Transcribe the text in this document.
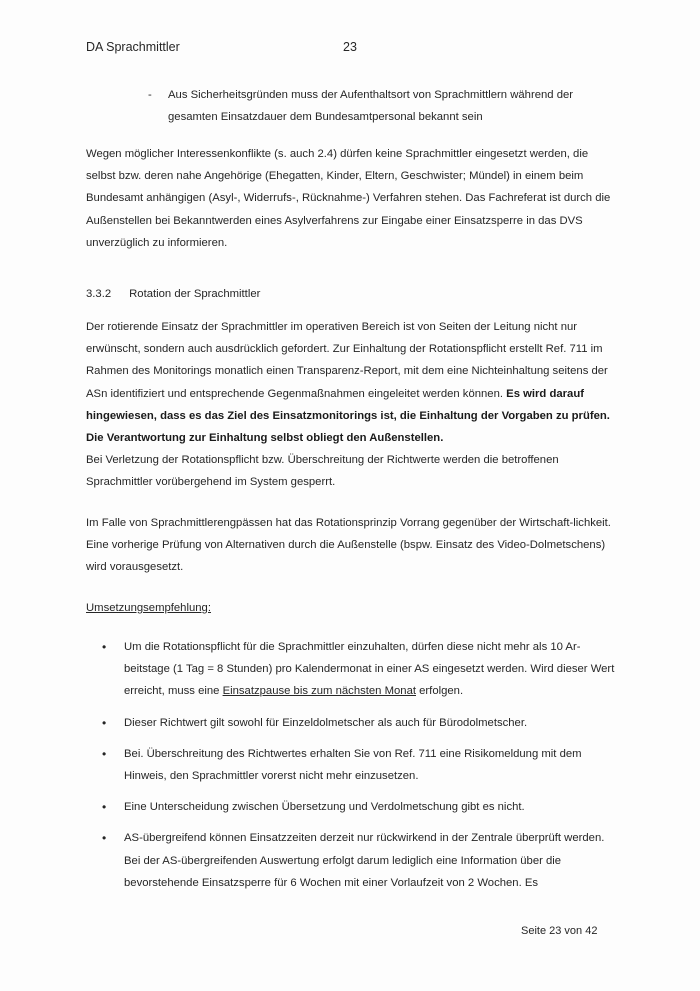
DA Sprachmittler	23
-	Aus Sicherheitsgründen muss der Aufenthaltsort von Sprachmittlern während der gesamten Einsatzdauer dem Bundesamtpersonal bekannt sein
Wegen möglicher Interessenkonflikte (s. auch 2.4) dürfen keine Sprachmittler eingesetzt werden, die selbst bzw. deren nahe Angehörige (Ehegatten, Kinder, Eltern, Geschwister; Mündel) in einem beim Bundesamt anhängigen (Asyl-, Widerrufs-, Rücknahme-) Verfahren stehen. Das Fachreferat ist durch die Außenstellen bei Bekanntwerden eines Asylverfahrens zur Eingabe einer Einsatzsperre in das DVS unverzüglich zu informieren.
3.3.2 Rotation der Sprachmittler
Der rotierende Einsatz der Sprachmittler im operativen Bereich ist von Seiten der Leitung nicht nur erwünscht, sondern auch ausdrücklich gefordert. Zur Einhaltung der Rotationspflicht erstellt Ref. 711 im Rahmen des Monitorings monatlich einen Transparenz-Report, mit dem eine Nichteinhaltung seitens der ASn identifiziert und entsprechende Gegenmaßnahmen eingeleitet werden können. Es wird darauf hingewiesen, dass es das Ziel des Einsatzmonitorings ist, die Einhaltung der Vorgaben zu prüfen. Die Verantwortung zur Einhaltung selbst obliegt den Außenstellen.
Bei Verletzung der Rotationspflicht bzw. Überschreitung der Richtwerte werden die betroffenen Sprachmittler vorübergehend im System gesperrt.
Im Falle von Sprachmittlerengpässen hat das Rotationsprinzip Vorrang gegenüber der Wirtschaft-lichkeit. Eine vorherige Prüfung von Alternativen durch die Außenstelle (bspw. Einsatz des Video-Dolmetschens) wird vorausgesetzt.
Umsetzungsempfehlung:
• Um die Rotationspflicht für die Sprachmittler einzuhalten, dürfen diese nicht mehr als 10 Ar-beitstage (1 Tag = 8 Stunden) pro Kalendermonat in einer AS eingesetzt werden. Wird dieser Wert erreicht, muss eine Einsatzpause bis zum nächsten Monat erfolgen.
• Dieser Richtwert gilt sowohl für Einzeldolmetscher als auch für Bürodolmetscher.
• Bei. Überschreitung des Richtwertes erhalten Sie von Ref. 711 eine Risikomeldung mit dem Hinweis, den Sprachmittler vorerst nicht mehr einzusetzen.
• Eine Unterscheidung zwischen Übersetzung und Verdolmetschung gibt es nicht.
• AS-übergreifend können Einsatzzeiten derzeit nur rückwirkend in der Zentrale überprüft werden. Bei der AS-übergreifenden Auswertung erfolgt darum lediglich eine Information über die bevorstehende Einsatzsperre für 6 Wochen mit einer Vorlaufzeit von 2 Wochen. Es
Seite 23 von 42
